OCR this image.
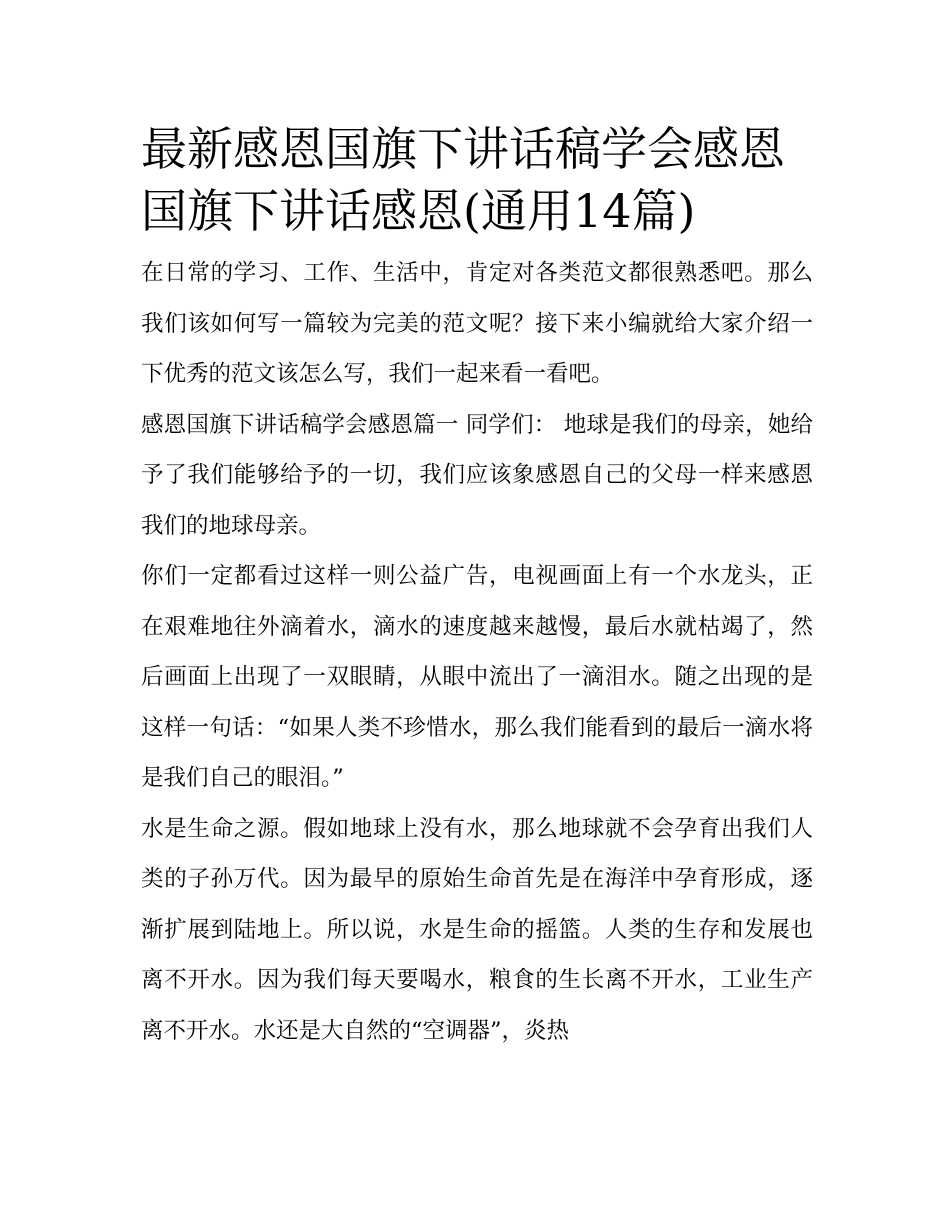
最新感恩国旗下讲话稿学会感恩 国旗下讲话感恩(通用14篇)

在日常的学习、工作、生活中，肯定对各类范文都很熟悉吧。那么我们该如何写一篇较为完美的范文呢？接下来小编就给大家介绍一下优秀的范文该怎么写，我们一起来看一看吧。

感恩国旗下讲话稿学会感恩篇一 同学们： 地球是我们的母亲，她给予了我们能够给予的一切，我们应该象感恩自己的父母一样来感恩我们的地球母亲。

你们一定都看过这样一则公益广告，电视画面上有一个水龙头，正在艰难地往外滴着水，滴水的速度越来越慢，最后水就枯竭了，然后画面上出现了一双眼睛，从眼中流出了一滴泪水。随之出现的是这样一句话：“如果人类不珍惜水，那么我们能看到的最后一滴水将是我们自己的眼泪。”

水是生命之源。假如地球上没有水，那么地球就不会孕育出我们人类的子孙万代。因为最早的原始生命首先是在海洋中孕育形成，逐渐扩展到陆地上。所以说，水是生命的摇篮。人类的生存和发展也离不开水。因为我们每天要喝水，粮食的生长离不开水，工业生产离不开水。水还是大自然的“空调器”，炎热
